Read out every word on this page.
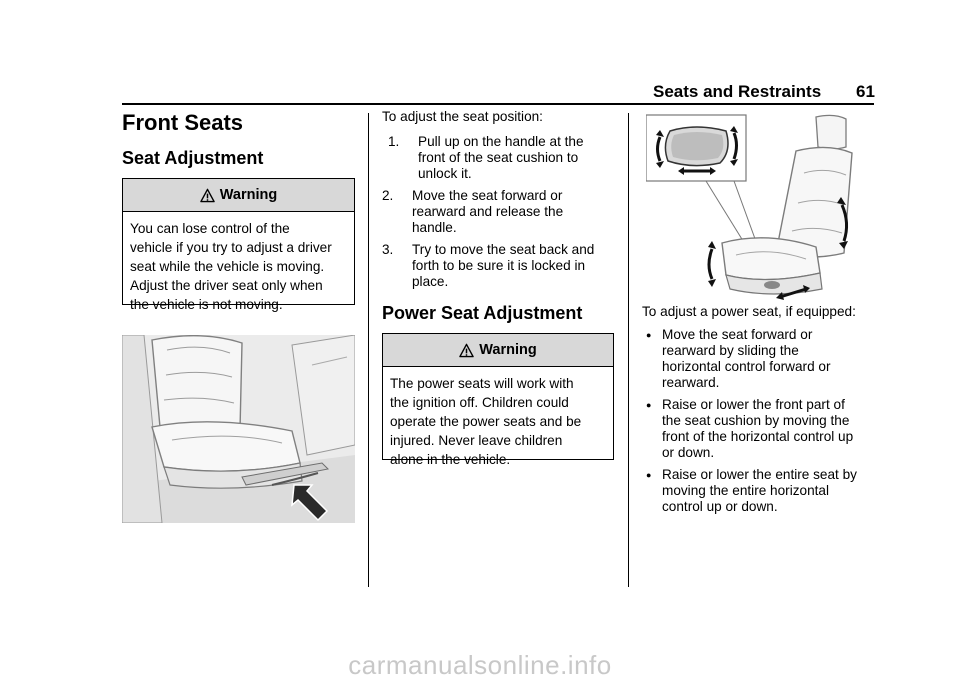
Seats and Restraints 61
Front Seats
Seat Adjustment
Warning
You can lose control of the
vehicle if you try to adjust a driver
seat while the vehicle is moving.
Adjust the driver seat only when
the vehicle is not moving.
To adjust the seat position:
1. Pull up on the handle at the
front of the seat cushion to
unlock it.
2. Move the seat forward or
rearward and release the
handle.
3. Try to move the seat back and
forth to be sure it is locked in
place.
Power Seat Adjustment
Warning
The power seats will work with
the ignition off. Children could
operate the power seats and be
injured. Never leave children
alone in the vehicle.
To adjust a power seat, if equipped:
● Move the seat forward or
rearward by sliding the
horizontal control forward or
rearward.
● Raise or lower the front part of
the seat cushion by moving the
front of the horizontal control up
or down.
● Raise or lower the entire seat by
moving the entire horizontal
control up or down.
carmanualsonline.info
